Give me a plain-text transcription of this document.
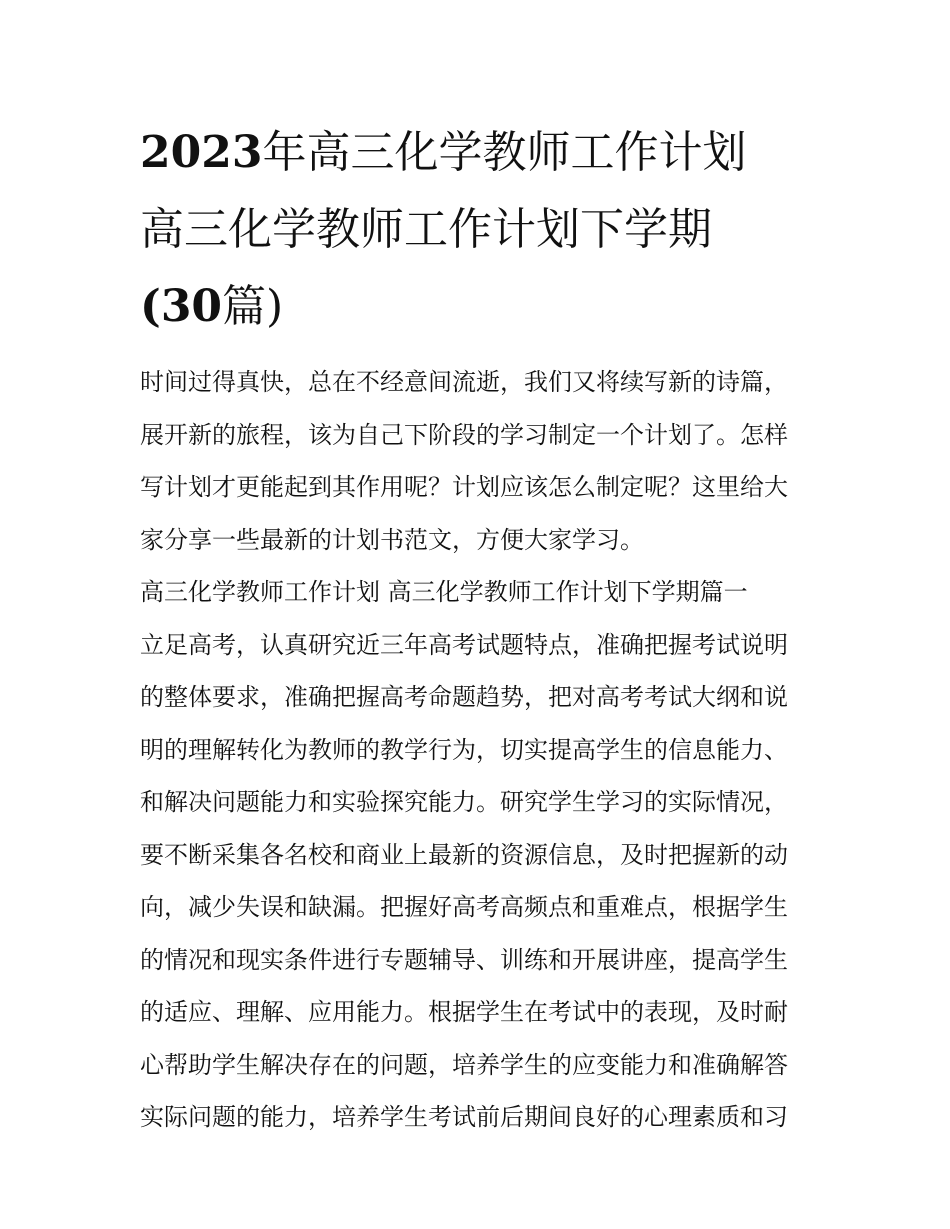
2023年高三化学教师工作计划
高三化学教师工作计划下学期
(30篇)
时间过得真快，总在不经意间流逝，我们又将续写新的诗篇，
展开新的旅程，该为自己下阶段的学习制定一个计划了。怎样
写计划才更能起到其作用呢？计划应该怎么制定呢？这里给大
家分享一些最新的计划书范文，方便大家学习。
高三化学教师工作计划 高三化学教师工作计划下学期篇一
立足高考，认真研究近三年高考试题特点，准确把握考试说明
的整体要求，准确把握高考命题趋势，把对高考考试大纲和说
明的理解转化为教师的教学行为，切实提高学生的信息能力、
和解决问题能力和实验探究能力。研究学生学习的实际情况，
要不断采集各名校和商业上最新的资源信息，及时把握新的动
向，减少失误和缺漏。把握好高考高频点和重难点，根据学生
的情况和现实条件进行专题辅导、训练和开展讲座，提高学生
的适应、理解、应用能力。根据学生在考试中的表现，及时耐
心帮助学生解决存在的问题，培养学生的应变能力和准确解答
实际问题的能力，培养学生考试前后期间良好的心理素质和习
